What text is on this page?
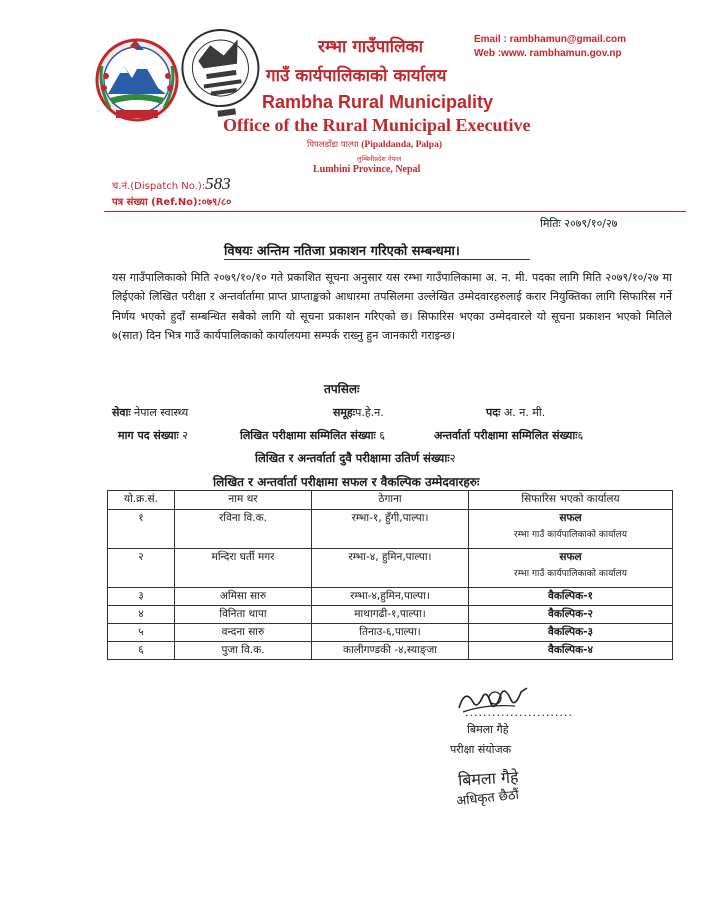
रम्भा गाउँपालिका
गाउँ कार्यपालिकाको कार्यालय
Rambha Rural Municipality
Office of the Rural Municipal Executive
पिपलडाँडा पाल्पा (Pipaldanda, Palpa)
लुम्बिनीप्रदेश नेपाल
Lumbini Province, Nepal
Email : rambhamun@gmail.com
Web :www. rambhamun.gov.np
च.नं.(Dispatch No.):583
पत्र संख्या (Ref.No):०७९/८०
मितिः २०७९/१०/२७
विषयः अन्तिम नतिजा प्रकाशन गरिएको सम्बन्धमा।
यस गाउँपालिकाको मिति २०७९/१०/१० गते प्रकाशित सूचना अनुसार यस रम्भा गाउँपालिकामा अ. न. मी. पदका लागि मिति २०७९/१०/२७ मा लिईएको लिखित परीक्षा र अन्तर्वार्तामा प्राप्त प्राप्ताङ्कको आधारमा तपसिलमा उल्लेखित उम्मेदवारहरुलाई करार नियुक्तिका लागि सिफारिस गर्ने निर्णय भएको हुदाँ सम्बन्धित सबैको लागि यो सूचना प्रकाशन गरिएको छ। सिफारिस भएका उम्मेदवारले यो सूचना प्रकाशन भएको मितिले ७(सात) दिन भित्र गाउँ कार्यपालिकाको कार्यालयमा सम्पर्क राख्नु हुन जानकारी गराइन्छ।
तपसिलः
सेवाः नेपाल स्वास्थ्य	समूहःप.हे.न.	पदः अ. न. मी.
माग पद संख्याः २	लिखित परीक्षामा सम्मिलित संख्याः ६	अन्तर्वार्ता परीक्षामा सम्मिलित संख्याः६
लिखित र अन्तर्वार्ता दुवै परीक्षामा उतिर्ण संख्याः२
लिखित र अन्तर्वार्ता परीक्षामा सफल र वैकल्पिक उम्मेदवारहरुः
यो.क्र.सं.	नाम थर	ठेगाना	सिफारिस भएको कार्यालय
१	रविना वि.क.	रम्भा-१, हुँगी,पाल्पा।	सफल
रम्भा गाउँ कार्यपालिकाको कार्यालय

२	मन्दिरा घर्ती मगर	रम्भा-४, हुमिन,पाल्पा।	सफल
रम्भा गाउँ कार्यपालिकाको कार्यालय

३	अमिसा सारु	रम्भा-४,हुमिन,पाल्पा।	वैकल्पिक-१

४	विनिता थापा	माथागढी-१,पाल्पा।	वैकल्पिक-२

५	वन्दना सारु	तिनाउ-६,पाल्पा।	वैकल्पिक-३

६	पुजा वि.क.	कालीगण्डकी -४,स्याङ्जा	वैकल्पिक-४
........................
बिमला गैहे
परीक्षा संयोजक
बिमला गैहे
अधिकृत छैठौं
